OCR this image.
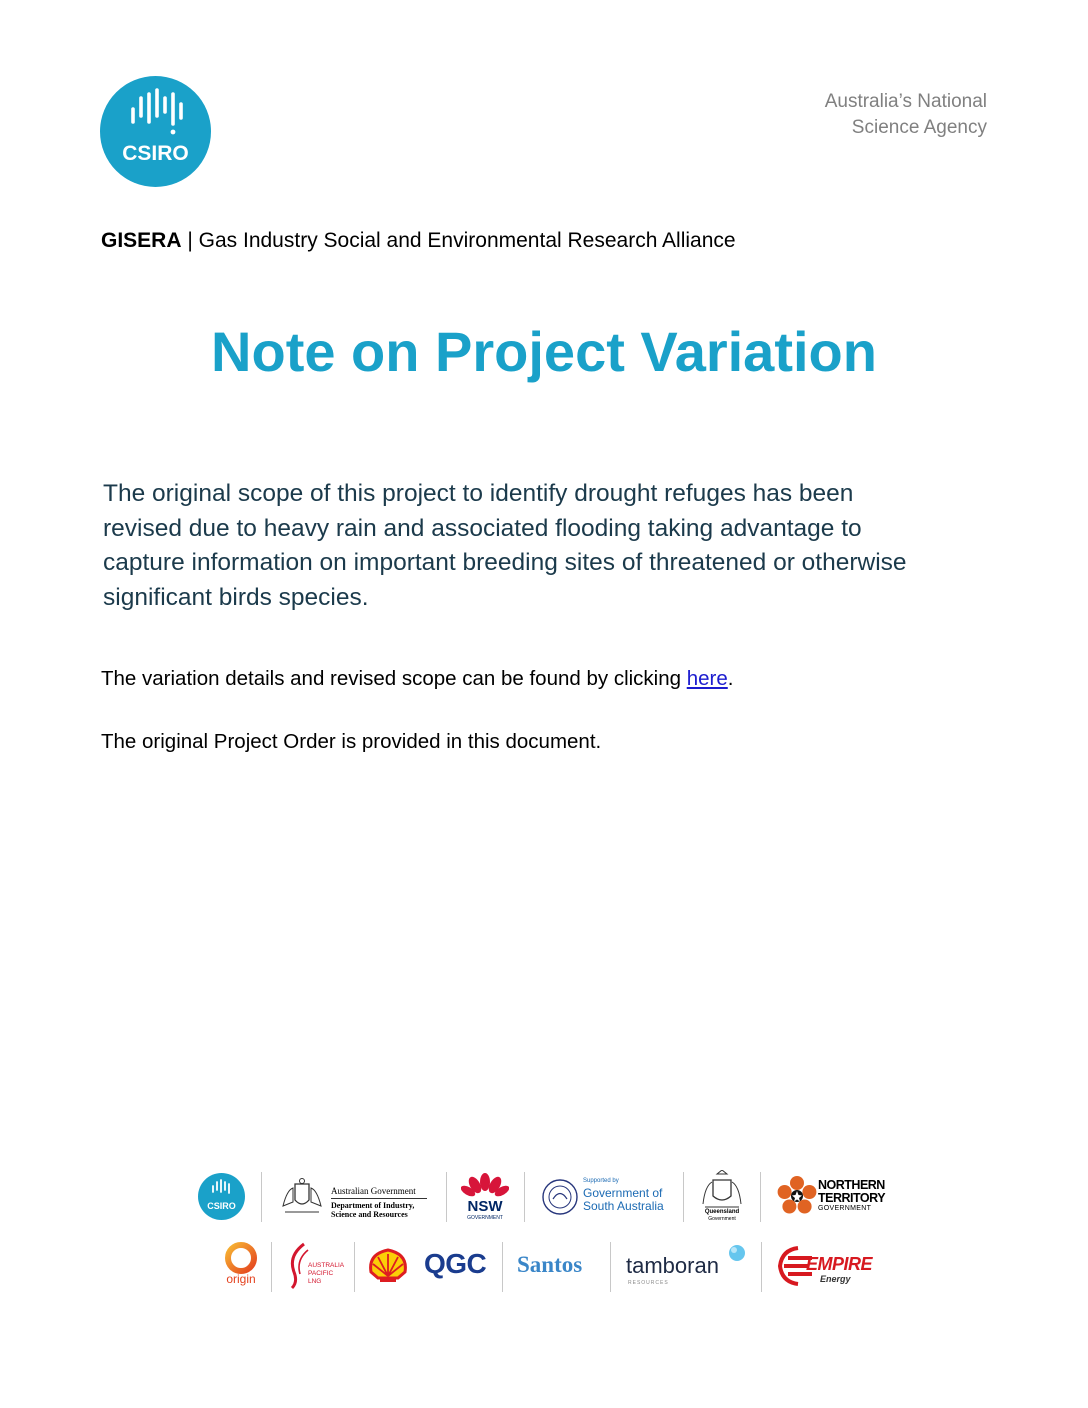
CSIRO
Australia’s National
Science Agency
GISERA | Gas Industry Social and Environmental Research Alliance
Note on Project Variation
The original scope of this project to identify drought refuges has been
revised due to heavy rain and associated flooding taking advantage to
capture information on important breeding sites of threatened or otherwise
significant birds species.
The variation details and revised scope can be found by clicking here.
The original Project Order is provided in this document.
CSIRO
Australian Government
Department of Industry,
Science and Resources	NSW
GOVERNMENT
Supported by
Government of
South Australia	Queensland
Government
NORTHERN
TERRITORY
GOVERNMENT
origin
AUSTRALIA
PACIFIC
LNG
QGC Santos tamboran
RESOURCES
EMPIRE
Energy
